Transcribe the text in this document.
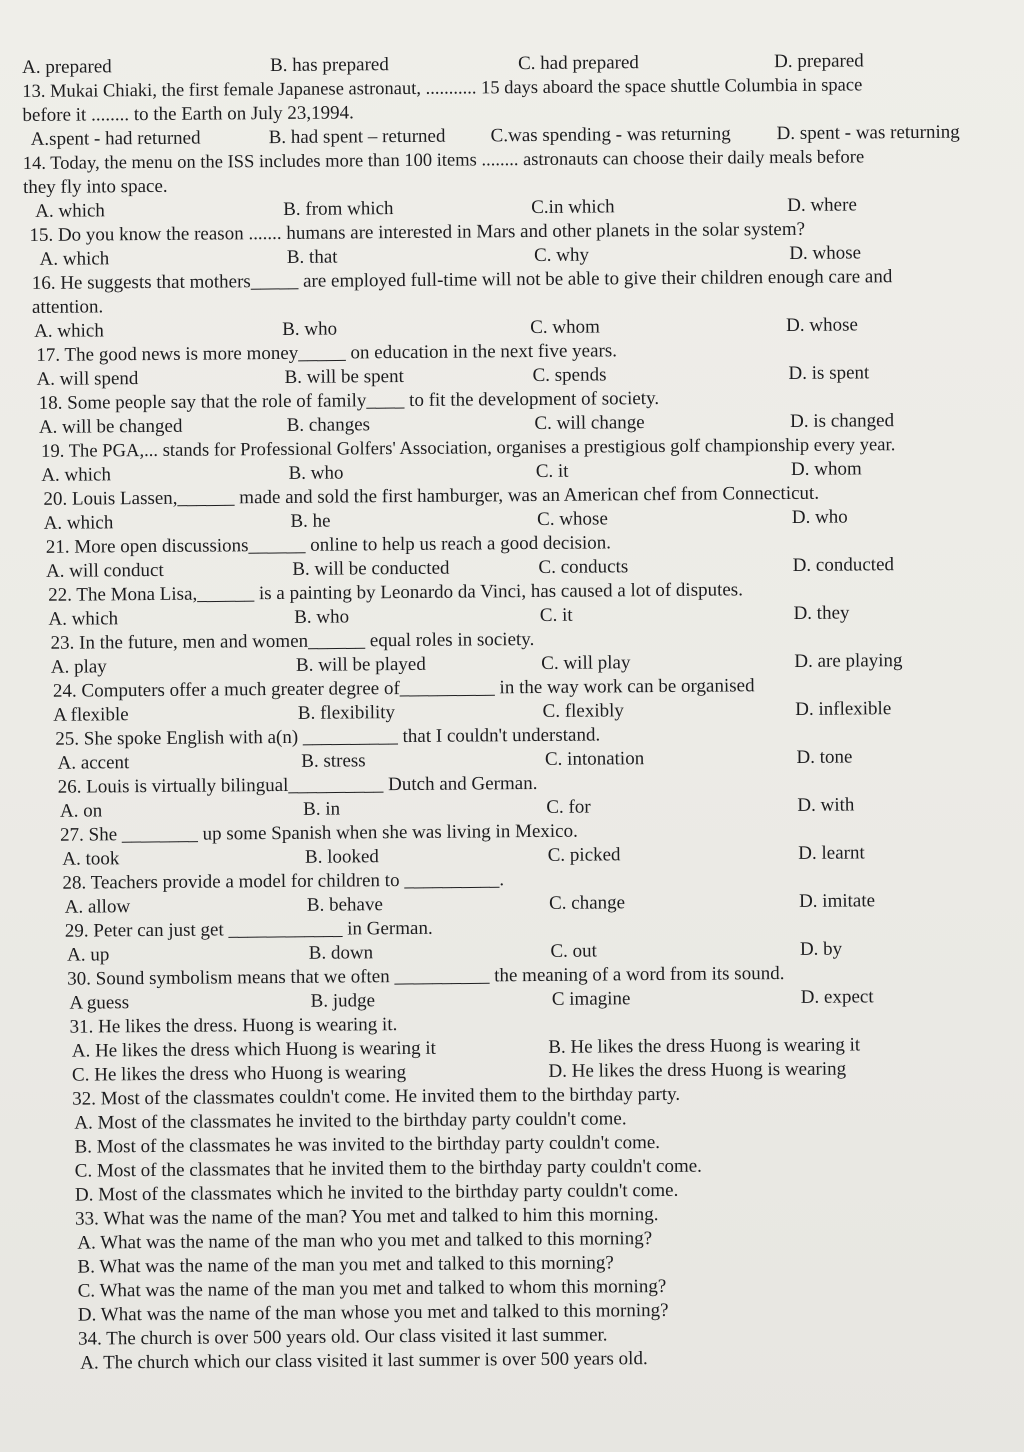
A. prepared	B. has prepared	C. had prepared	D. prepared
13. Mukai Chiaki, the first female Japanese astronaut, ........... 15 days aboard the space shuttle Columbia in space
before it ........ to the Earth on July 23,1994.
A.spent - had returned	B. had spent – returned	C.was spending - was returning	D. spent - was returning
14. Today, the menu on the ISS includes more than 100 items ........ astronauts can choose their daily meals before
they fly into space.
A. which	B. from which	C.in which	D. where
15. Do you know the reason ....... humans are interested in Mars and other planets in the solar system?
A. which	B. that	C. why	D. whose
16. He suggests that mothers_____ are employed full-time will not be able to give their children enough care and
attention.
A. which	B. who	C. whom	D. whose
17. The good news is more money_____ on education in the next five years.
A. will spend	B. will be spent	C. spends	D. is spent
18. Some people say that the role of family____ to fit the development of society.
A. will be changed	B. changes	C. will change	D. is changed
19. The PGA,... stands for Professional Golfers' Association, organises a prestigious golf championship every year.
A. which	B. who	C. it	D. whom
20. Louis Lassen,______ made and sold the first hamburger, was an American chef from Connecticut.
A. which	B. he	C. whose	D. who
21. More open discussions______ online to help us reach a good decision.
A. will conduct	B. will be conducted	C. conducts	D. conducted
22. The Mona Lisa,______ is a painting by Leonardo da Vinci, has caused a lot of disputes.
A. which	B. who	C. it	D. they
23. In the future, men and women______ equal roles in society.
A. play	B. will be played	C. will play	D. are playing
24. Computers offer a much greater degree of__________ in the way work can be organised
A flexible	B. flexibility	C. flexibly	D. inflexible
25. She spoke English with a(n) __________ that I couldn't understand.
A. accent	B. stress	C. intonation	D. tone
26. Louis is virtually bilingual__________ Dutch and German.
A. on	B. in	C. for	D. with
27. She ________ up some Spanish when she was living in Mexico.
A. took	B. looked	C. picked	D. learnt
28. Teachers provide a model for children to __________.
A. allow	B. behave	C. change	D. imitate
29. Peter can just get ____________ in German.
A. up	B. down	C. out	D. by
30. Sound symbolism means that we often __________ the meaning of a word from its sound.
A guess	B. judge	C imagine	D. expect
31. He likes the dress. Huong is wearing it.
A. He likes the dress which Huong is wearing it	B. He likes the dress Huong is wearing it
C. He likes the dress who Huong is wearing	D. He likes the dress Huong is wearing
32. Most of the classmates couldn't come. He invited them to the birthday party.
A. Most of the classmates he invited to the birthday party couldn't come.
B. Most of the classmates he was invited to the birthday party couldn't come.
C. Most of the classmates that he invited them to the birthday party couldn't come.
D. Most of the classmates which he invited to the birthday party couldn't come.
33. What was the name of the man? You met and talked to him this morning.
A. What was the name of the man who you met and talked to this morning?
B. What was the name of the man you met and talked to this morning?
C. What was the name of the man you met and talked to whom this morning?
D. What was the name of the man whose you met and talked to this morning?
34. The church is over 500 years old. Our class visited it last summer.
A. The church which our class visited it last summer is over 500 years old.
